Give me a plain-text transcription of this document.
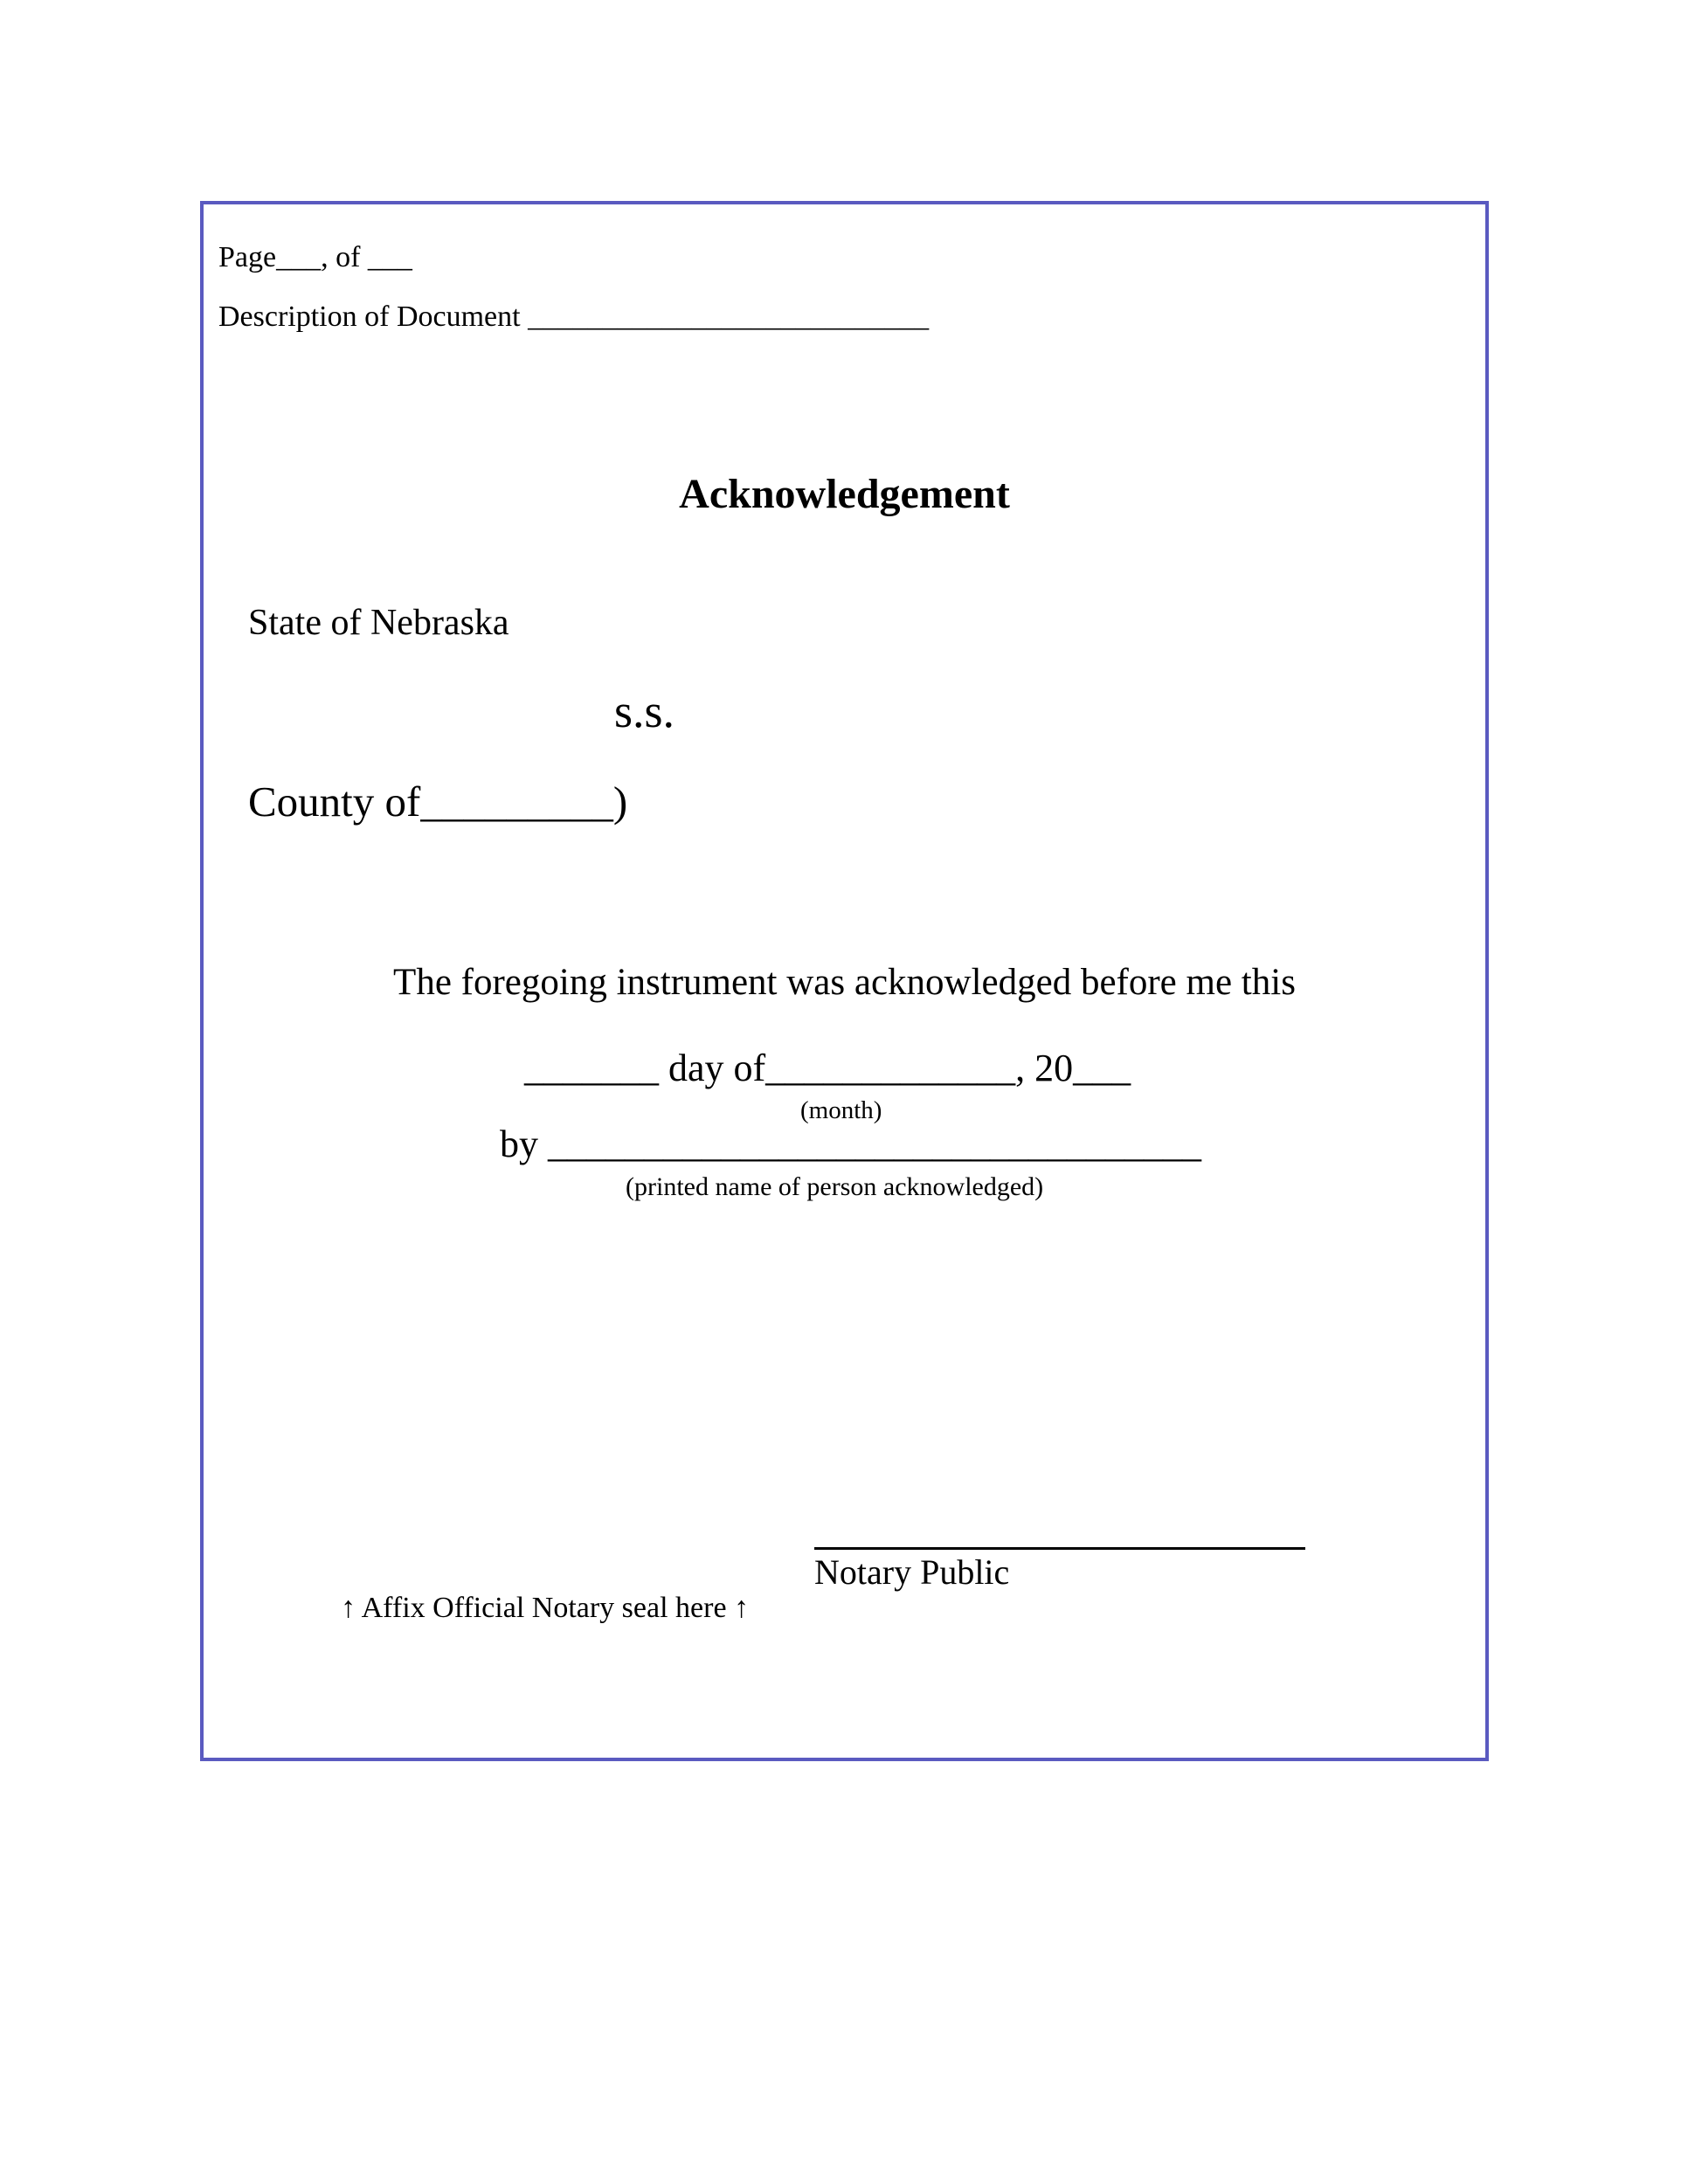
Page___, of ___
Description of Document ___________________________
Acknowledgement
State of Nebraska
s.s.
County of_________)
The foregoing instrument was acknowledged before me this
_______ day of_____________, 20___
(month)
by __________________________________
(printed name of person acknowledged)
Notary Public
↑ Affix Official Notary seal here ↑
